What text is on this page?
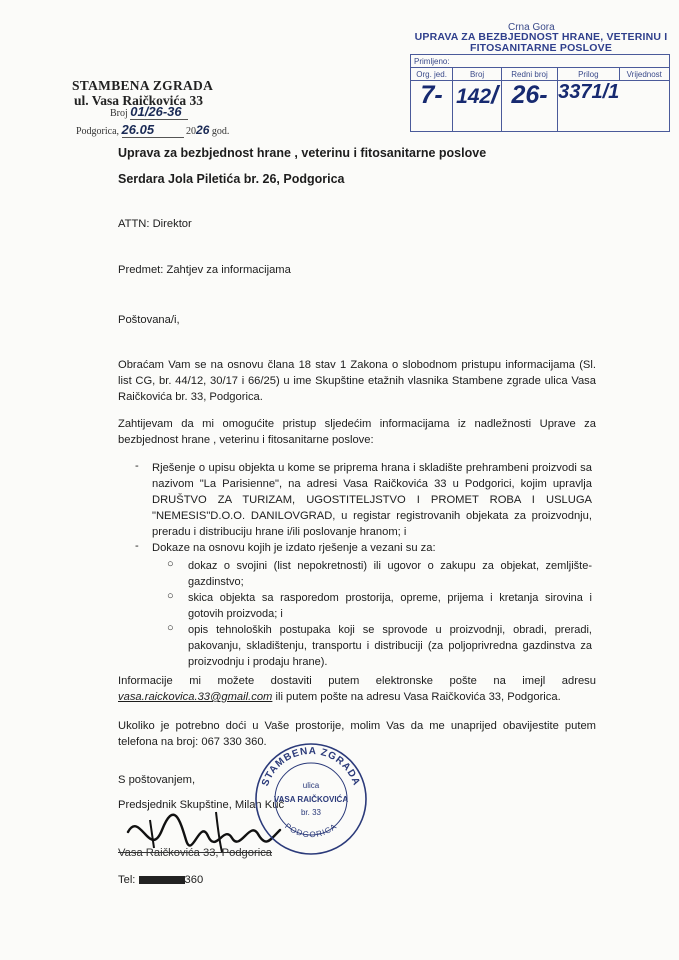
Crna Gora
UPRAVA ZA BEZBJEDNOST HRANE, VETERINU I FITOSANITARNE POSLOVE
Primljeno:				
Org. jed.	Broj	Redni broj	Prilog	Vrijednost
7-	142/	26-	3371/1	
STAMBENA ZGRADA
ul. Vasa Raičkovića 33
Broj 01/26-36
Podgorica, 26.05	2026 god.
Uprava za bezbjednost hrane , veterinu i fitosanitarne poslove
Serdara Jola Piletića br. 26, Podgorica
ATTN: Direktor
Predmet: Zahtjev za informacijama
Poštovana/i,
Obraćam Vam se na osnovu člana 18 stav 1 Zakona o slobodnom pristupu informacijama (Sl. list CG, br. 44/12, 30/17 i 66/25) u ime Skupštine etažnih vlasnika Stambene zgrade ulica Vasa Raičkovića br. 33, Podgorica.
Zahtijevam da mi omogućite pristup sljedećim informacijama iz nadležnosti Uprave za bezbjednost hrane , veterinu i fitosanitarne poslove:
- Rješenje o upisu objekta u kome se priprema hrana i skladište prehrambeni proizvodi sa nazivom "La Parisienne", na adresi Vasa Raičkovića 33 u Podgorici, kojim upravlja DRUŠTVO ZA TURIZAM, UGOSTITELJSTVO I PROMET ROBA I USLUGA "NEMESIS"D.O.O. DANILOVGRAD, u registar registrovanih objekata za proizvodnju, preradu i distribuciju hrane i/ili poslovanje hranom; i
- Dokaze na osnovu kojih je izdato rješenje a vezani su za:
○ dokaz o svojini (list nepokretnosti) ili ugovor o zakupu za objekat, zemljište-gazdinstvo;
○ skica objekta sa rasporedom prostorija, opreme, prijema i kretanja sirovina i gotovih proizvoda; i
○ opis tehnoloških postupaka koji se sprovode u proizvodnji, obradi, preradi, pakovanju, skladištenju, transportu i distribuciji (za poljoprivredna gazdinstva za proizvodnju i prodaju hrane).
Informacije mi možete dostaviti putem elektronske pošte na imejl adresu vasa.raickovica.33@gmail.com ili putem pošte na adresu Vasa Raičkovića 33, Podgorica.
Ukoliko je potrebno doći u Vaše prostorije, molim Vas da me unaprijed obavijestite putem telefona na broj: 067 330 360.
S poštovanjem,
Predsjednik Skupštine, Milan Kuč
Vasa Raičkovića 33, Podgorica
Tel:	360
STAMBENA ZGRADA
PODGORICA
ulica
VASA RAIČKOVIĆA
br. 33
